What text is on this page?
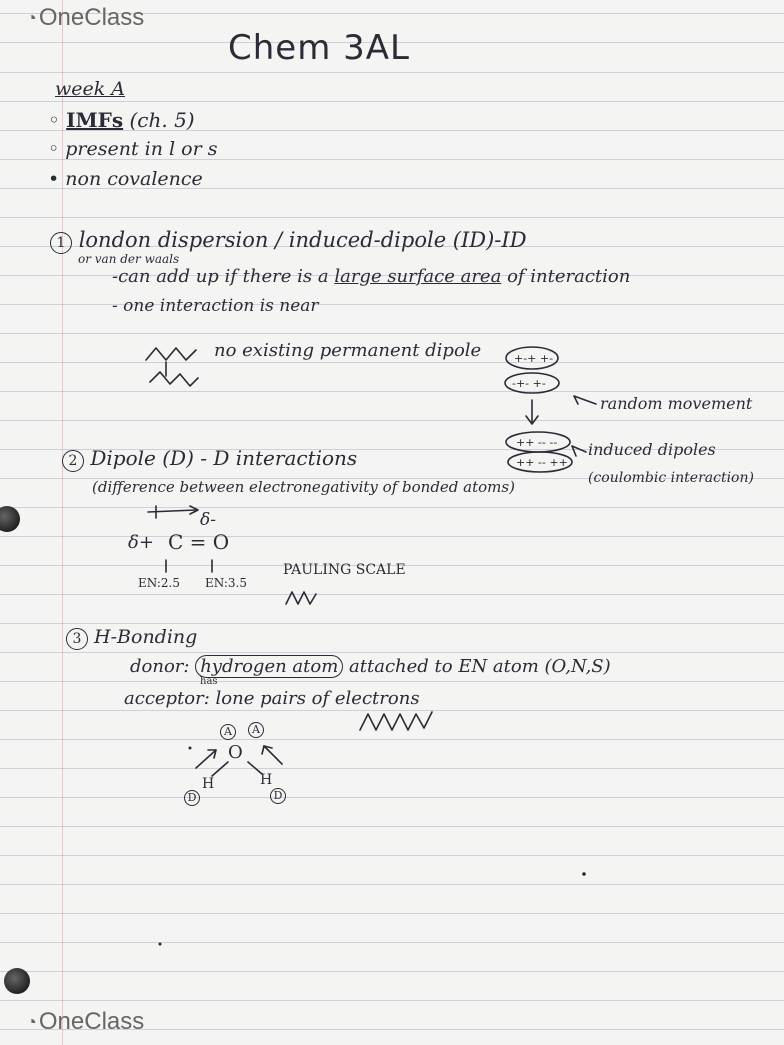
◔ OneClass
Chem 3AL
week A
◦ IMFs (ch. 5)
◦ present in l or s
• non covalence
1 london dispersion / induced-dipole (ID)-ID
or van der waals
-can add up if there is a large surface area of interaction
- one interaction is near
no existing permanent dipole
random movement
induced dipoles
(coulombic interaction)
2 Dipole (D) - D interactions
(difference between electronegativity of bonded atoms)
δ-
δ+ C = O
EN:2.5 EN:3.5
PAULING SCALE
3 H-Bonding
donor: hydrogen atom attached to EN atom (O,N,S)
has
acceptor: lone pairs of electrons
O
H	H
A	A
D	D
+-+ +-
-+- +-
++ -- --
++ -- ++
◔ OneClass
